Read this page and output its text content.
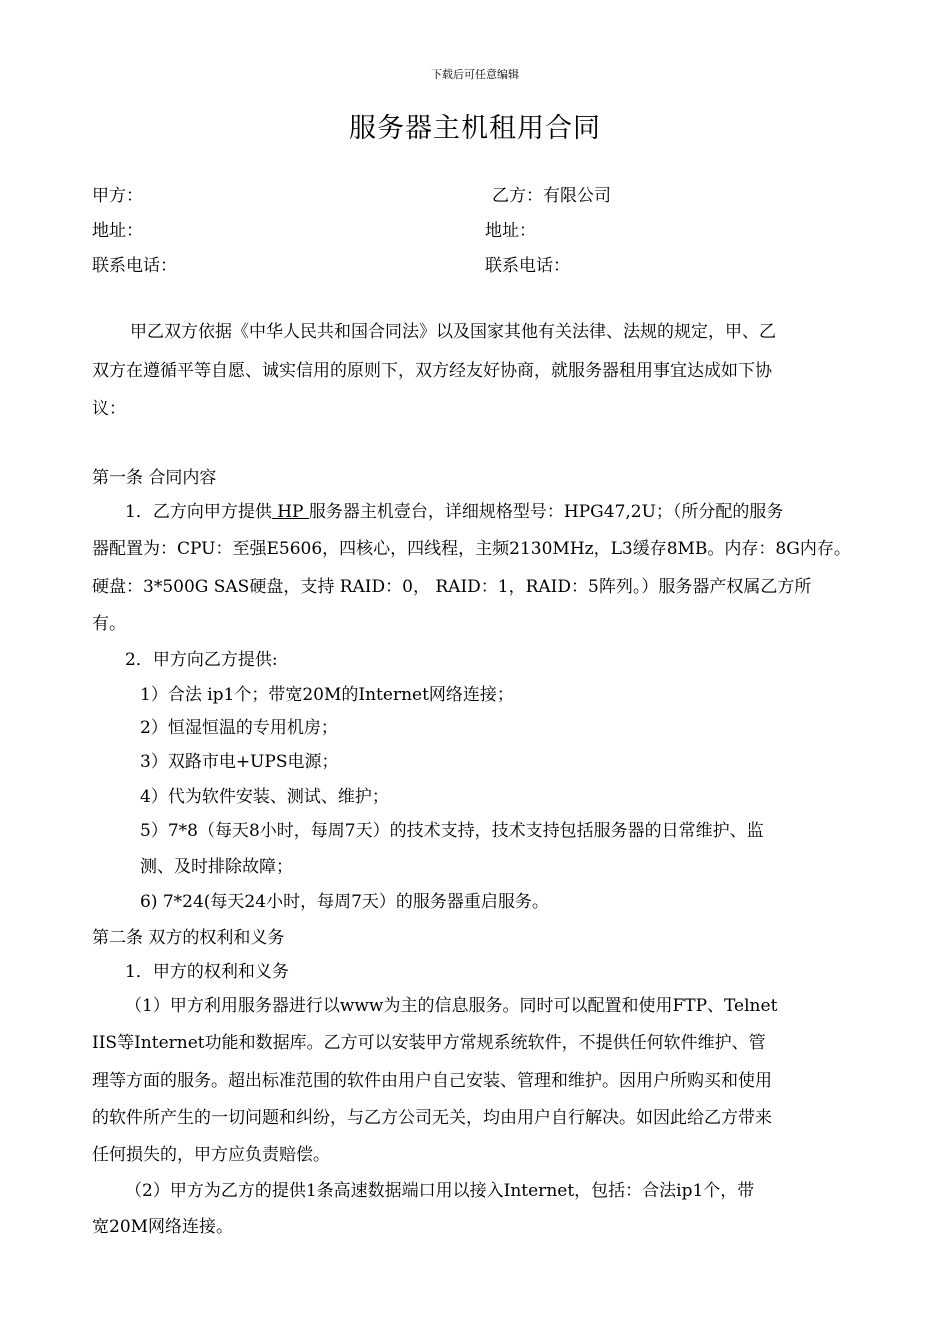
下载后可任意编辑
服务器主机租用合同
甲方：	乙方：有限公司
地址：	地址：
联系电话：	联系电话：
甲乙双方依据《中华人民共和国合同法》以及国家其他有关法律、法规的规定，甲、乙
双方在遵循平等自愿、诚实信用的原则下，双方经友好协商，就服务器租用事宜达成如下协
议：
第一条 合同内容
1．乙方向甲方提供 HP 服务器主机壹台，详细规格型号：HPG47,2U；（所分配的服务
器配置为：CPU：至强E5606，四核心，四线程，主频2130MHz，L3缓存8MB。内存：8G内存。
硬盘：3*500G SAS硬盘，支持 RAID：0， RAID：1，RAID：5阵列。）服务器产权属乙方所
有。
2．甲方向乙方提供:
1）合法 ip1个；带宽20M的Internet网络连接；
2）恒湿恒温的专用机房；
3）双路市电+UPS电源；
4）代为软件安装、测试、维护；
5）7*8（每天8小时，每周7天）的技术支持，技术支持包括服务器的日常维护、监
测、及时排除故障；
6) 7*24(每天24小时，每周7天）的服务器重启服务。
第二条 双方的权利和义务
1．甲方的权利和义务
（1）甲方利用服务器进行以www为主的信息服务。同时可以配置和使用FTP、Telnet
IIS等Internet功能和数据库。乙方可以安装甲方常规系统软件，不提供任何软件维护、管
理等方面的服务。超出标准范围的软件由用户自己安装、管理和维护。因用户所购买和使用
的软件所产生的一切问题和纠纷，与乙方公司无关，均由用户自行解决。如因此给乙方带来
任何损失的，甲方应负责赔偿。
（2）甲方为乙方的提供1条高速数据端口用以接入Internet，包括：合法ip1个，带
宽20M网络连接。
